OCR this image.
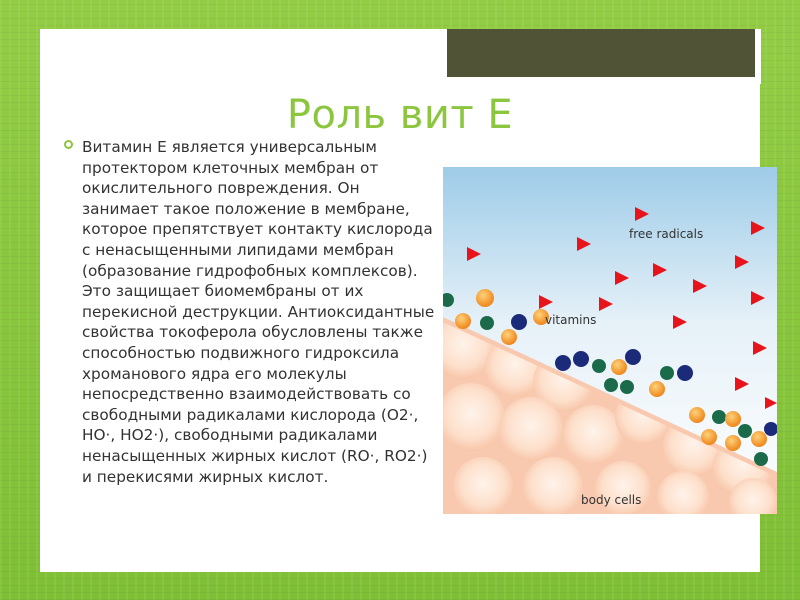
Роль вит Е
Витамин Е является универсальным протектором клеточных мембран от окислительного повреждения. Он занимает такое положение в мембране, которое препятствует контакту кислорода с ненасыщенными липидами мембран (образование гидрофобных комплексов). Это защищает биомембраны от их перекисной деструкции. Антиоксидантные свойства токоферола обусловлены также способностью подвижного гидроксила хроманового ядра его молекулы непосредственно взаимодействовать со свободными радикалами кислорода (О2·, НО·, НО2·), свободными радикалами ненасыщенных жирных кислот (RO·, RO2·) и перекисями жирных кислот.
free radicals
vitamins
body cells
